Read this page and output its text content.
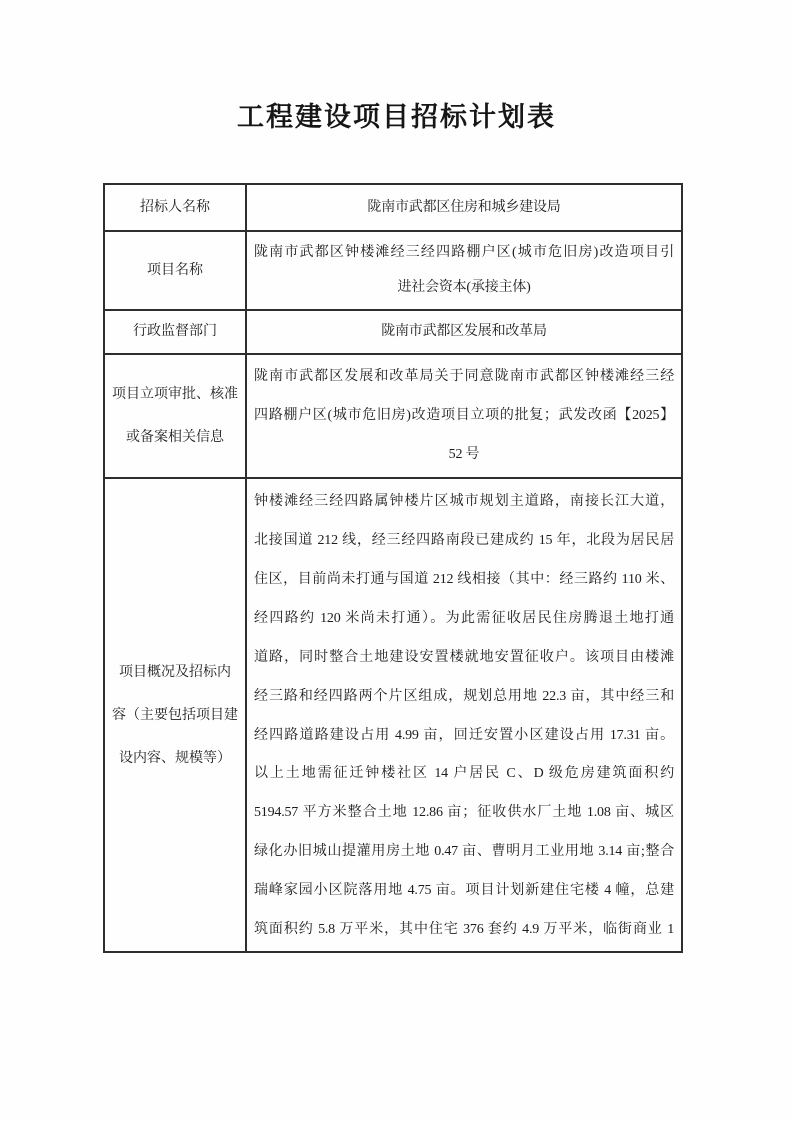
工程建设项目招标计划表
招标人名称	陇南市武都区住房和城乡建设局
项目名称
陇南市武都区钟楼滩经三经四路棚户区(城市危旧房)改造项目引
进社会资本(承接主体)
行政监督部门	陇南市武都区发展和改革局
项目立项审批、核准
或备案相关信息
陇南市武都区发展和改革局关于同意陇南市武都区钟楼滩经三经
四路棚户区(城市危旧房)改造项目立项的批复；武发改函【2025】
52 号
项目概况及招标内
容（主要包括项目建
设内容、规模等）
钟楼滩经三经四路属钟楼片区城市规划主道路，南接长江大道，
北接国道 212 线，经三经四路南段已建成约 15 年，北段为居民居
住区，目前尚未打通与国道 212 线相接（其中：经三路约 110 米、
经四路约 120 米尚未打通）。为此需征收居民住房腾退土地打通
道路，同时整合土地建设安置楼就地安置征收户。该项目由楼滩
经三路和经四路两个片区组成，规划总用地 22.3 亩，其中经三和
经四路道路建设占用 4.99 亩，回迁安置小区建设占用 17.31 亩。
以上土地需征迁钟楼社区 14 户居民 C、D 级危房建筑面积约
5194.57 平方米整合土地 12.86 亩；征收供水厂土地 1.08 亩、城区
绿化办旧城山提灌用房土地 0.47 亩、曹明月工业用地 3.14 亩;整合
瑞峰家园小区院落用地 4.75 亩。项目计划新建住宅楼 4 幢，总建
筑面积约 5.8 万平米，其中住宅 376 套约 4.9 万平米，临街商业 1
